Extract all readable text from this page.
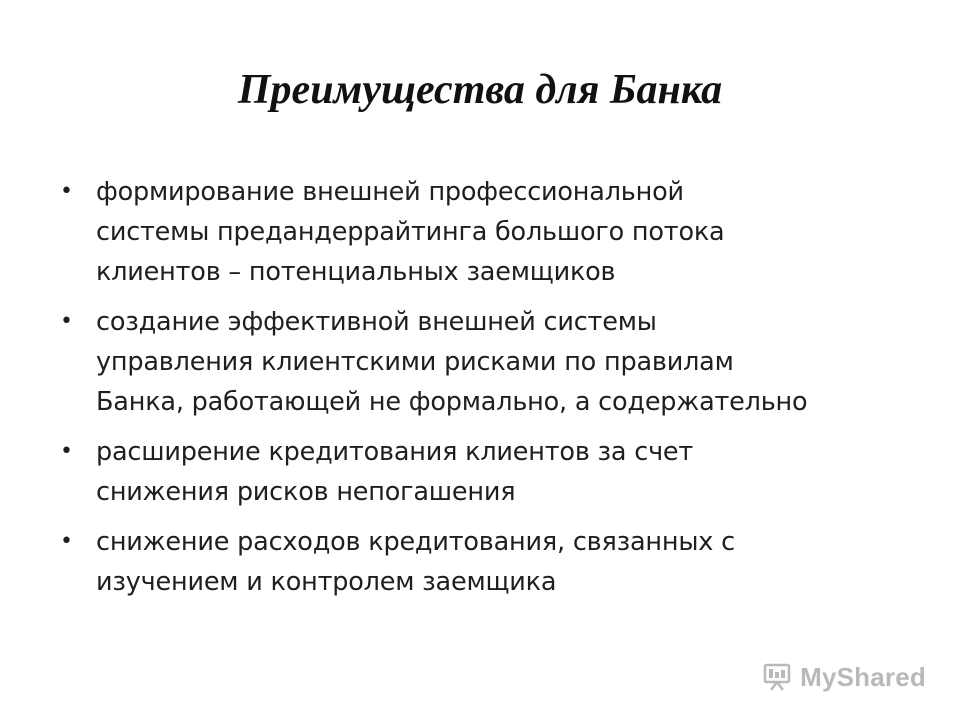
Преимущества для Банка
• формирование внешней профессиональной
системы предандеррайтинга большого потока
клиентов – потенциальных заемщиков
• создание эффективной внешней системы
управления клиентскими рисками по правилам
Банка, работающей не формально, а содержательно
• расширение кредитования клиентов за счет
снижения рисков непогашения
• снижение расходов кредитования, связанных с
изучением и контролем заемщика
MyShared
